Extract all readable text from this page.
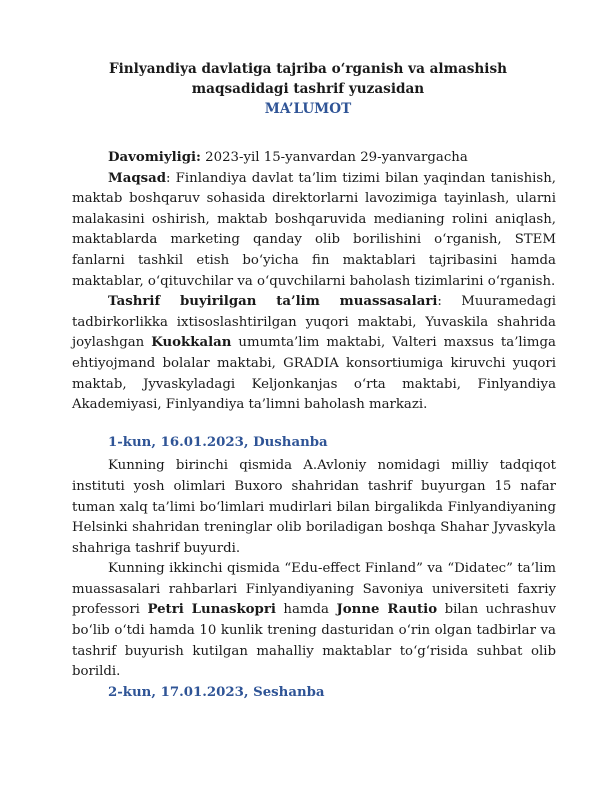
Finlyandiya davlatiga tajriba oʻrganish va almashish
maqsadidagi tashrif yuzasidan
MA’LUMOT

Davomiyligi: 2023-yil 15-yanvardan 29-yanvargacha

Maqsad: Finlandiya davlat ta’lim tizimi bilan yaqindan tanishish, maktab boshqaruv sohasida direktorlarni lavozimiga tayinlash, ularni malakasini oshirish, maktab boshqaruvida medianing rolini aniqlash, maktablarda marketing qanday olib borilishini oʻrganish, STEM fanlarni tashkil etish boʻyicha fin maktablari tajribasini hamda maktablar, oʻqituvchilar va oʻquvchilarni baholash tizimlarini oʻrganish.

Tashrif buyirilgan ta’lim muassasalari: Muuramedagi tadbirkorlikka ixtisoslashtirilgan yuqori maktabi, Yuvaskila shahrida joylashgan Kuokkalan umumta’lim maktabi, Valteri maxsus ta’limga ehtiyojmand bolalar maktabi, GRADIA konsortiumiga kiruvchi yuqori maktab, Jyvaskyladagi Keljonkanjas oʻrta maktabi, Finlyandiya Akademiyasi, Finlyandiya ta’limni baholash markazi.

1-kun, 16.01.2023, Dushanba

Kunning birinchi qismida A.Avloniy nomidagi milliy tadqiqot instituti yosh olimlari Buxoro shahridan tashrif buyurgan 15 nafar tuman xalq ta’limi boʻlimlari mudirlari bilan birgalikda Finlyandiyaning Helsinki shahridan treninglar olib boriladigan boshqa Shahar Jyvaskyla shahriga tashrif buyurdi.

Kunning ikkinchi qismida “Edu-effect Finland” va “Didatec” ta’lim muassasalari rahbarlari Finlyandiyaning Savoniya universiteti faxriy professori Petri Lunaskopri hamda Jonne Rautio bilan uchrashuv boʻlib oʻtdi hamda 10 kunlik trening dasturidan oʻrin olgan tadbirlar va tashrif buyurish kutilgan mahalliy maktablar toʻgʻrisida suhbat olib borildi.

2-kun, 17.01.2023, Seshanba
